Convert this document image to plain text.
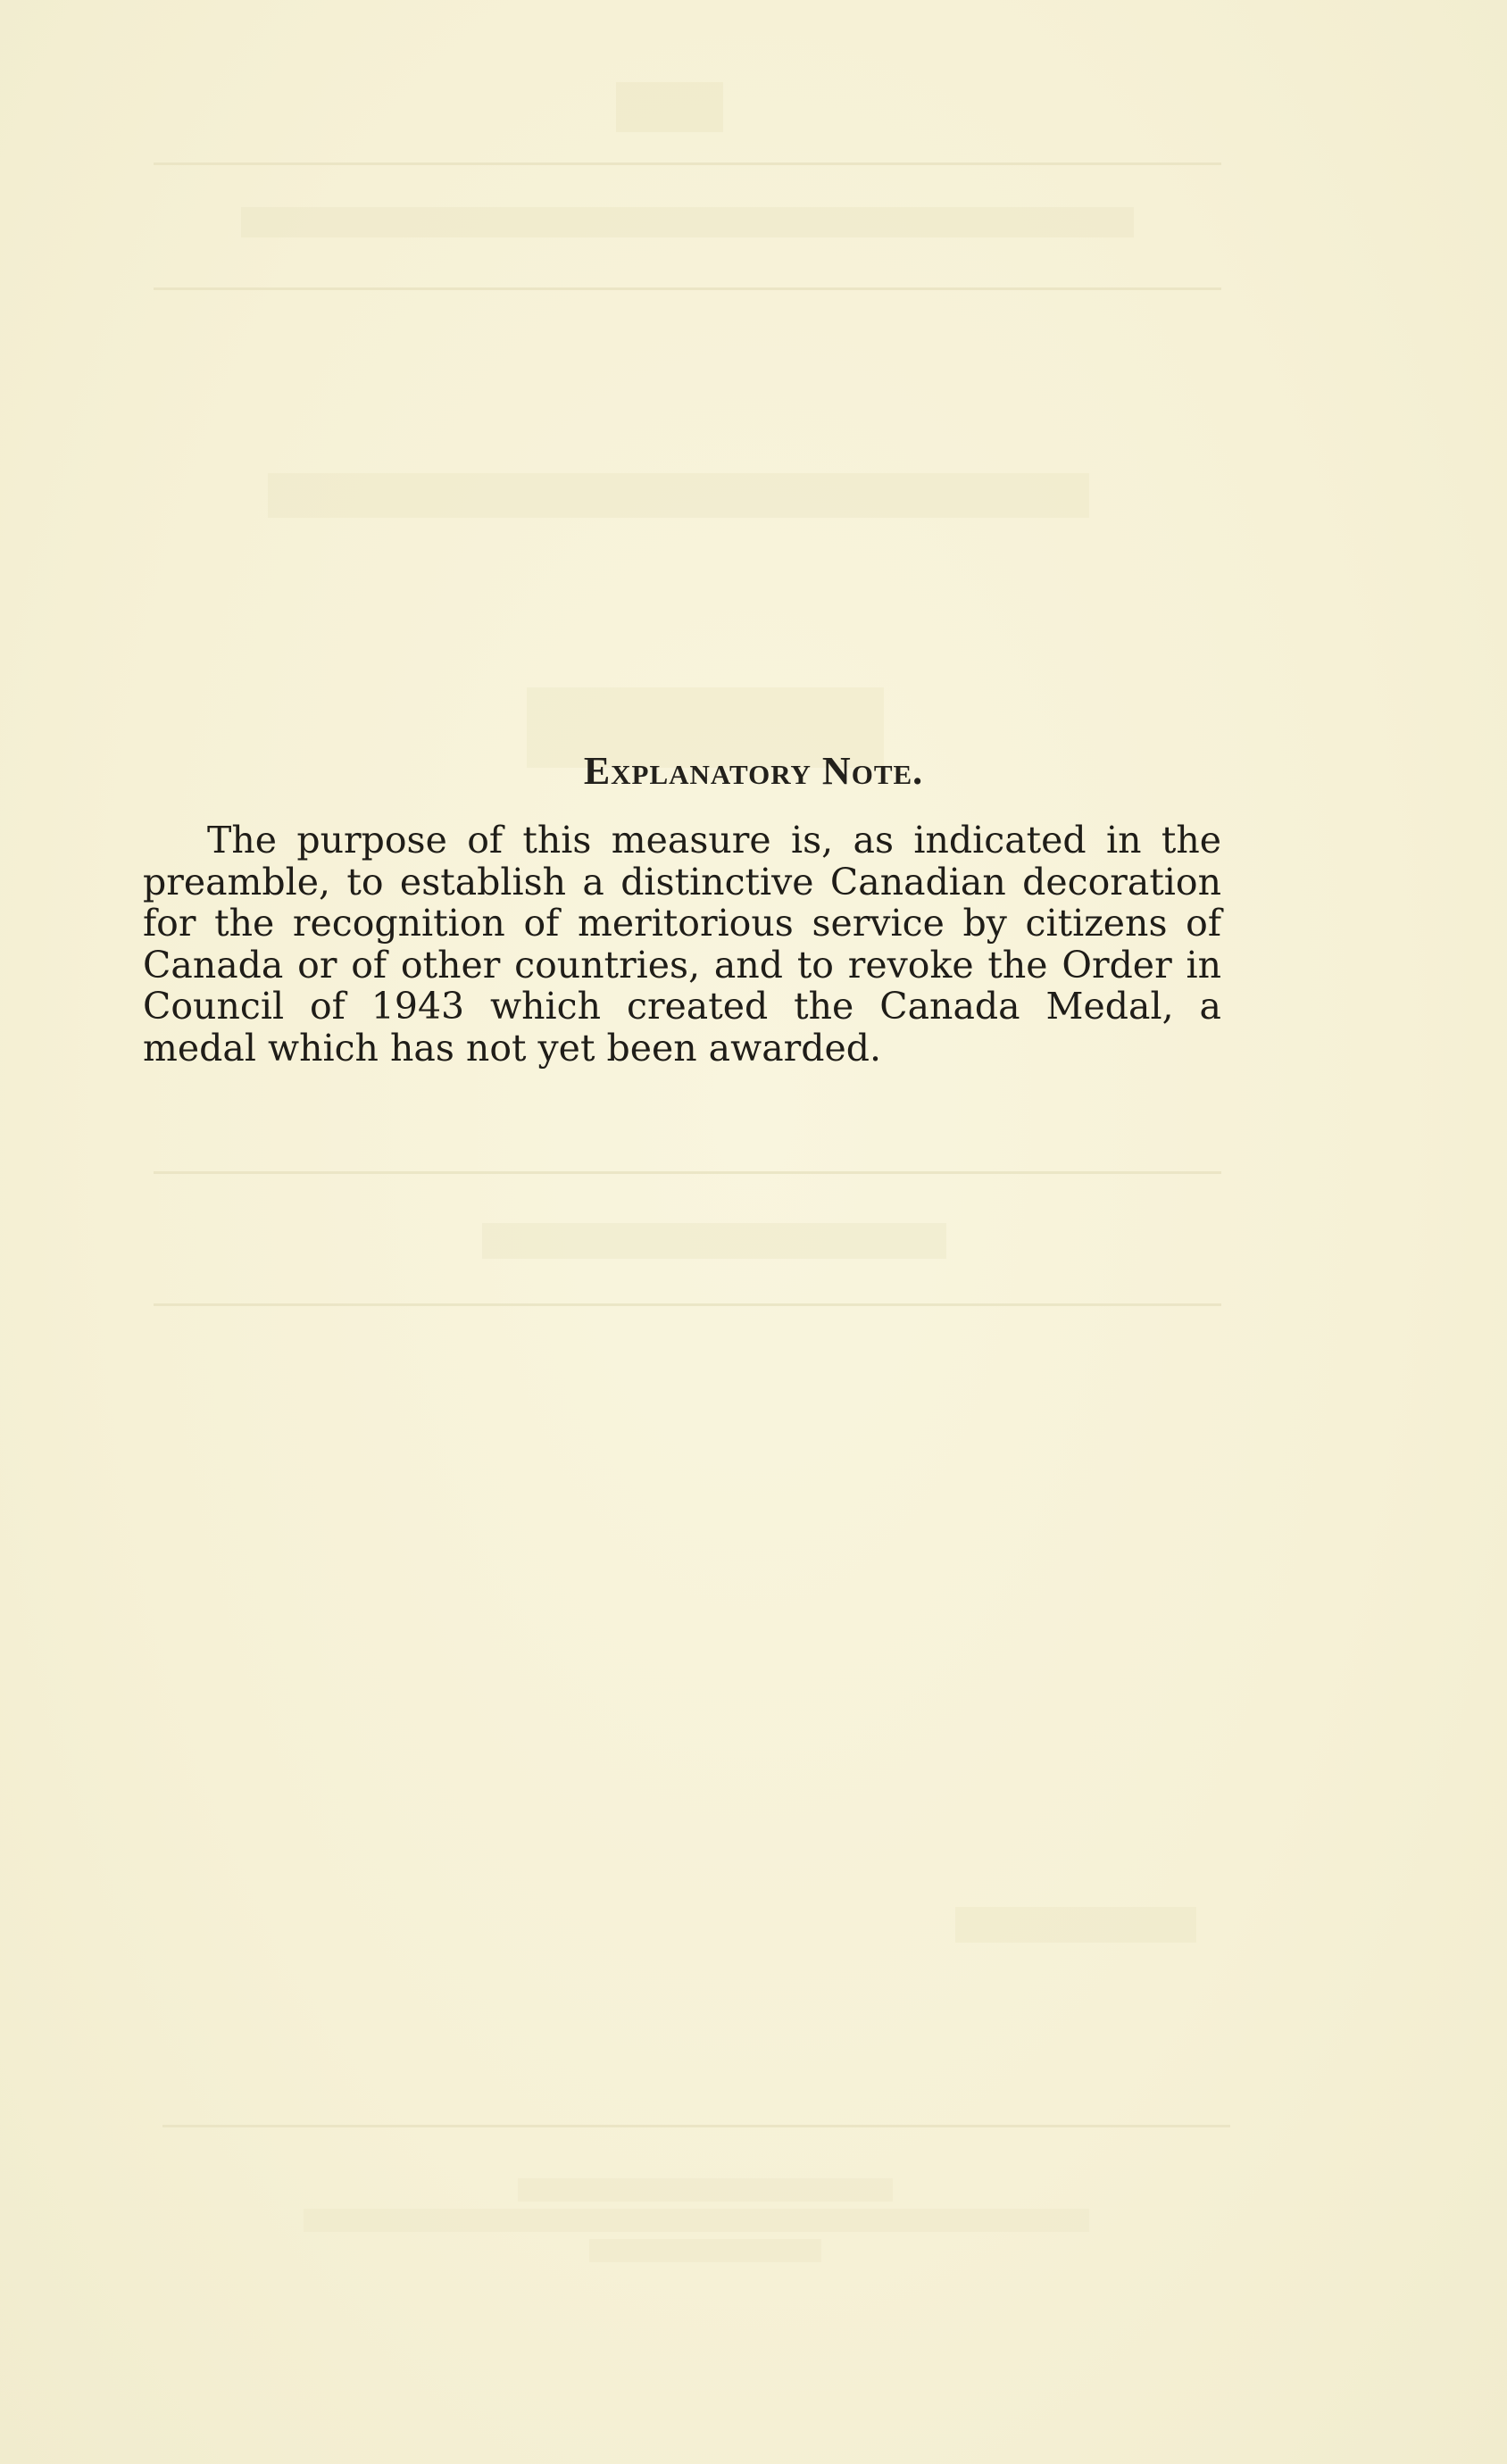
Explanatory Note.

The purpose of this measure is, as indicated in the preamble, to establish a distinctive Canadian decoration for the recognition of meritorious service by citizens of Canada or of other countries, and to revoke the Order in Council of 1943 which created the Canada Medal, a medal which has not yet been awarded.
